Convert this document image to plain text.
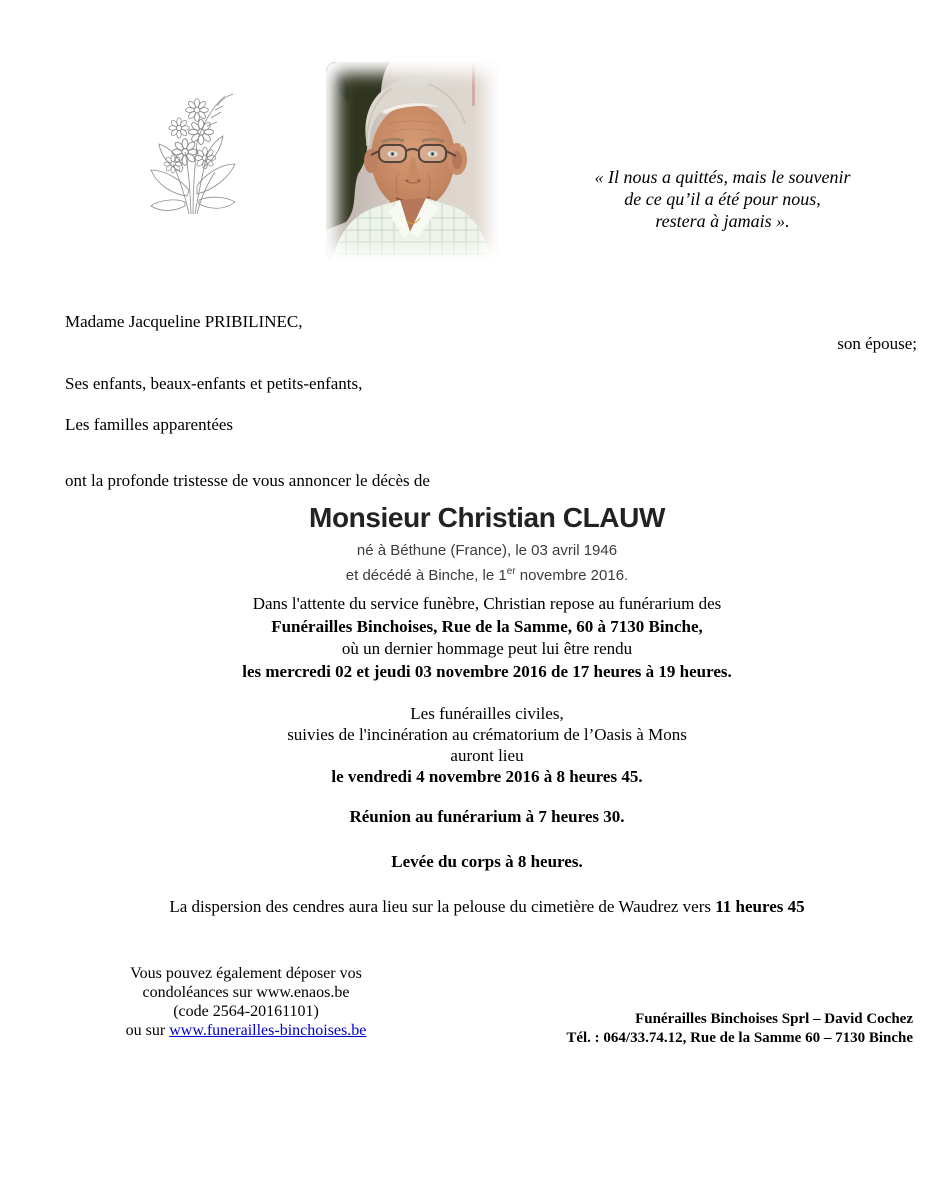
« Il nous a quittés, mais le souvenir
de ce qu’il a été pour nous,
restera à jamais ».
Madame Jacqueline PRIBILINEC,
son épouse;
Ses enfants, beaux-enfants et petits-enfants,
Les familles apparentées
ont la profonde tristesse de vous annoncer le décès de
Monsieur Christian CLAUW
né à Béthune (France), le 03 avril 1946
et décédé à Binche, le 1er novembre 2016.
Dans l'attente du service funèbre, Christian repose au funérarium des
Funérailles Binchoises, Rue de la Samme, 60 à 7130 Binche,
où un dernier hommage peut lui être rendu
les mercredi 02 et jeudi 03 novembre 2016 de 17 heures à 19 heures.
Les funérailles civiles,
suivies de l'incinération au crématorium de l’Oasis à Mons
auront lieu
le vendredi 4 novembre 2016 à 8 heures 45.
Réunion au funérarium à 7 heures 30.
Levée du corps à 8 heures.
La dispersion des cendres aura lieu sur la pelouse du cimetière de Waudrez vers 11 heures 45
Vous pouvez également déposer vos
condoléances sur www.enaos.be
(code 2564-20161101)
ou sur www.funerailles-binchoises.be
Funérailles Binchoises Sprl – David Cochez
Tél. : 064/33.74.12, Rue de la Samme 60 – 7130 Binche
